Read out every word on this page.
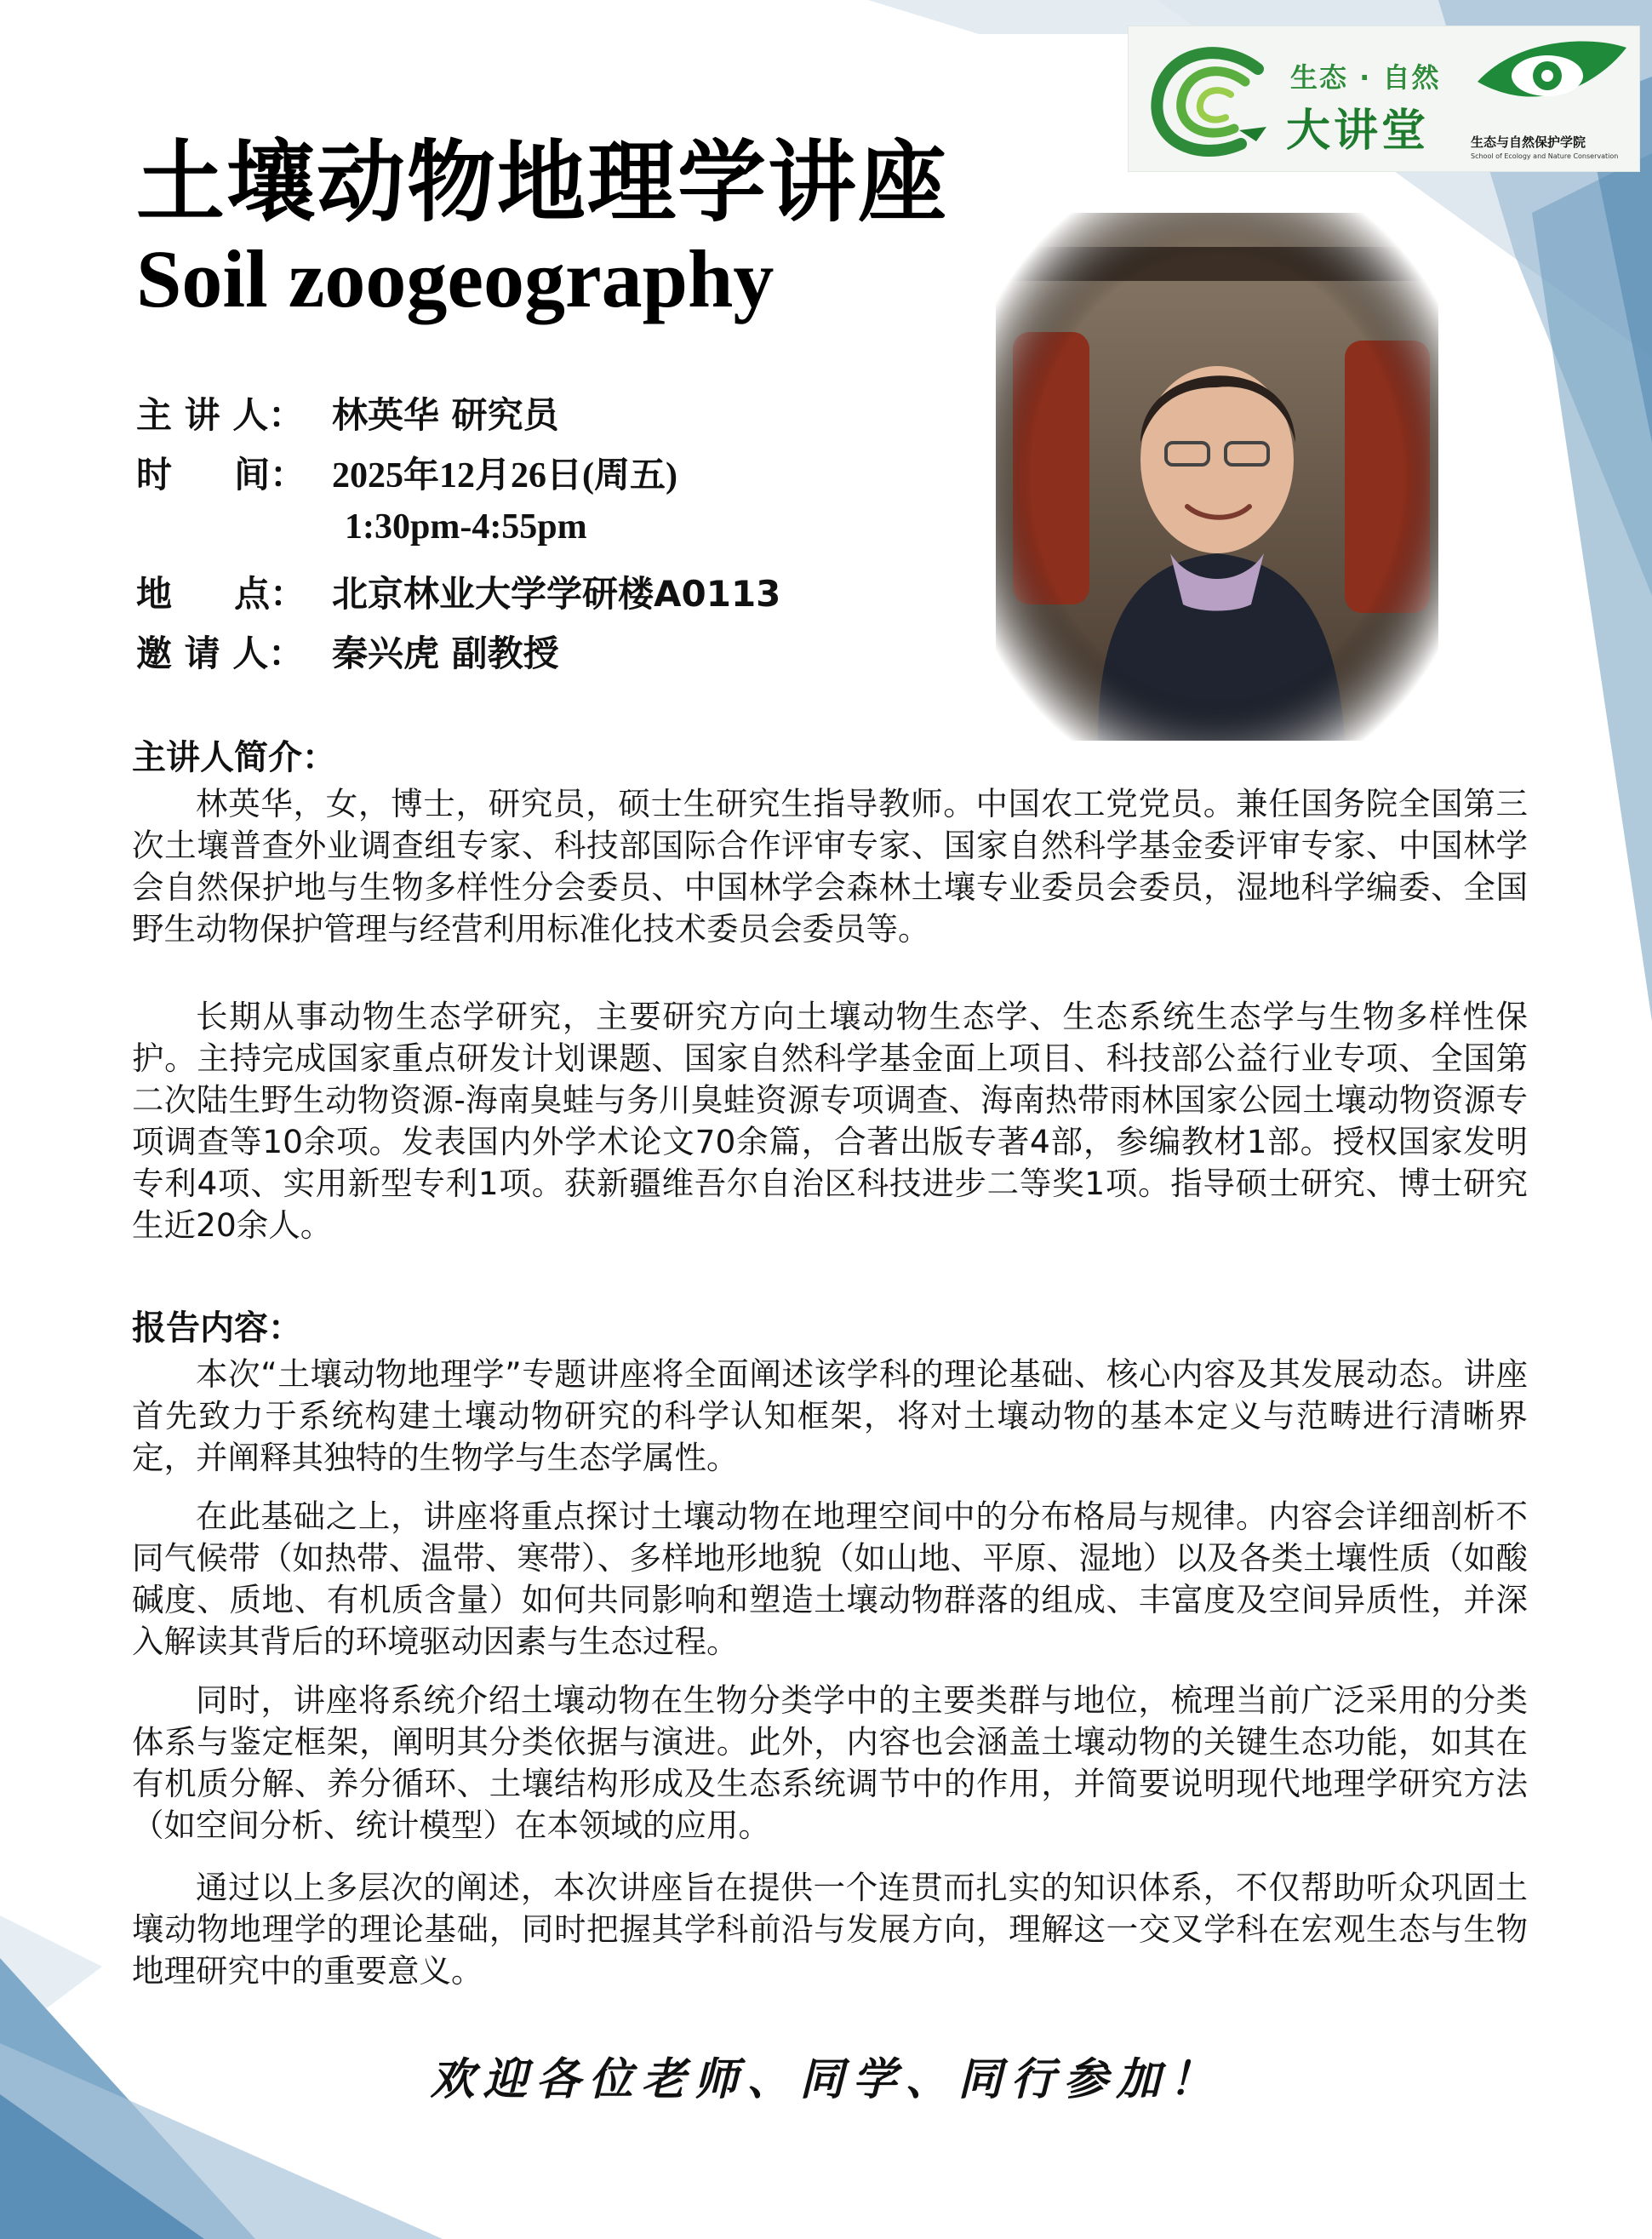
生态 · 自然
大讲堂	生态与自然保护学院
School of Ecology and Nature Conservation
土壤动物地理学讲座
Soil zoogeography
主 讲 人： 林英华 研究员
时     间： 2025年12月26日(周五)
1:30pm-4:55pm
地     点： 北京林业大学学研楼A0113
邀 请 人： 秦兴虎 副教授
主讲人简介：
林英华，女，博士，研究员，硕士生研究生指导教师。中国农工党党员。兼任国务院全国第三次土壤普查外业调查组专家、科技部国际合作评审专家、国家自然科学基金委评审专家、中国林学会自然保护地与生物多样性分会委员、中国林学会森林土壤专业委员会委员，湿地科学编委、全国野生动物保护管理与经营利用标准化技术委员会委员等。
长期从事动物生态学研究，主要研究方向土壤动物生态学、生态系统生态学与生物多样性保护。主持完成国家重点研发计划课题、国家自然科学基金面上项目、科技部公益行业专项、全国第二次陆生野生动物资源-海南臭蛙与务川臭蛙资源专项调查、海南热带雨林国家公园土壤动物资源专项调查等10余项。发表国内外学术论文70余篇，合著出版专著4部，参编教材1部。授权国家发明专利4项、实用新型专利1项。获新疆维吾尔自治区科技进步二等奖1项。指导硕士研究、博士研究生近20余人。
报告内容：
本次“土壤动物地理学”专题讲座将全面阐述该学科的理论基础、核心内容及其发展动态。讲座首先致力于系统构建土壤动物研究的科学认知框架，将对土壤动物的基本定义与范畴进行清晰界定，并阐释其独特的生物学与生态学属性。
在此基础之上，讲座将重点探讨土壤动物在地理空间中的分布格局与规律。内容会详细剖析不同气候带（如热带、温带、寒带）、多样地形地貌（如山地、平原、湿地）以及各类土壤性质（如酸碱度、质地、有机质含量）如何共同影响和塑造土壤动物群落的组成、丰富度及空间异质性，并深入解读其背后的环境驱动因素与生态过程。
同时，讲座将系统介绍土壤动物在生物分类学中的主要类群与地位，梳理当前广泛采用的分类体系与鉴定框架，阐明其分类依据与演进。此外，内容也会涵盖土壤动物的关键生态功能，如其在有机质分解、养分循环、土壤结构形成及生态系统调节中的作用，并简要说明现代地理学研究方法（如空间分析、统计模型）在本领域的应用。
通过以上多层次的阐述，本次讲座旨在提供一个连贯而扎实的知识体系，不仅帮助听众巩固土壤动物地理学的理论基础，同时把握其学科前沿与发展方向，理解这一交叉学科在宏观生态与生物地理研究中的重要意义。
欢迎各位老师、同学、同行参加！
